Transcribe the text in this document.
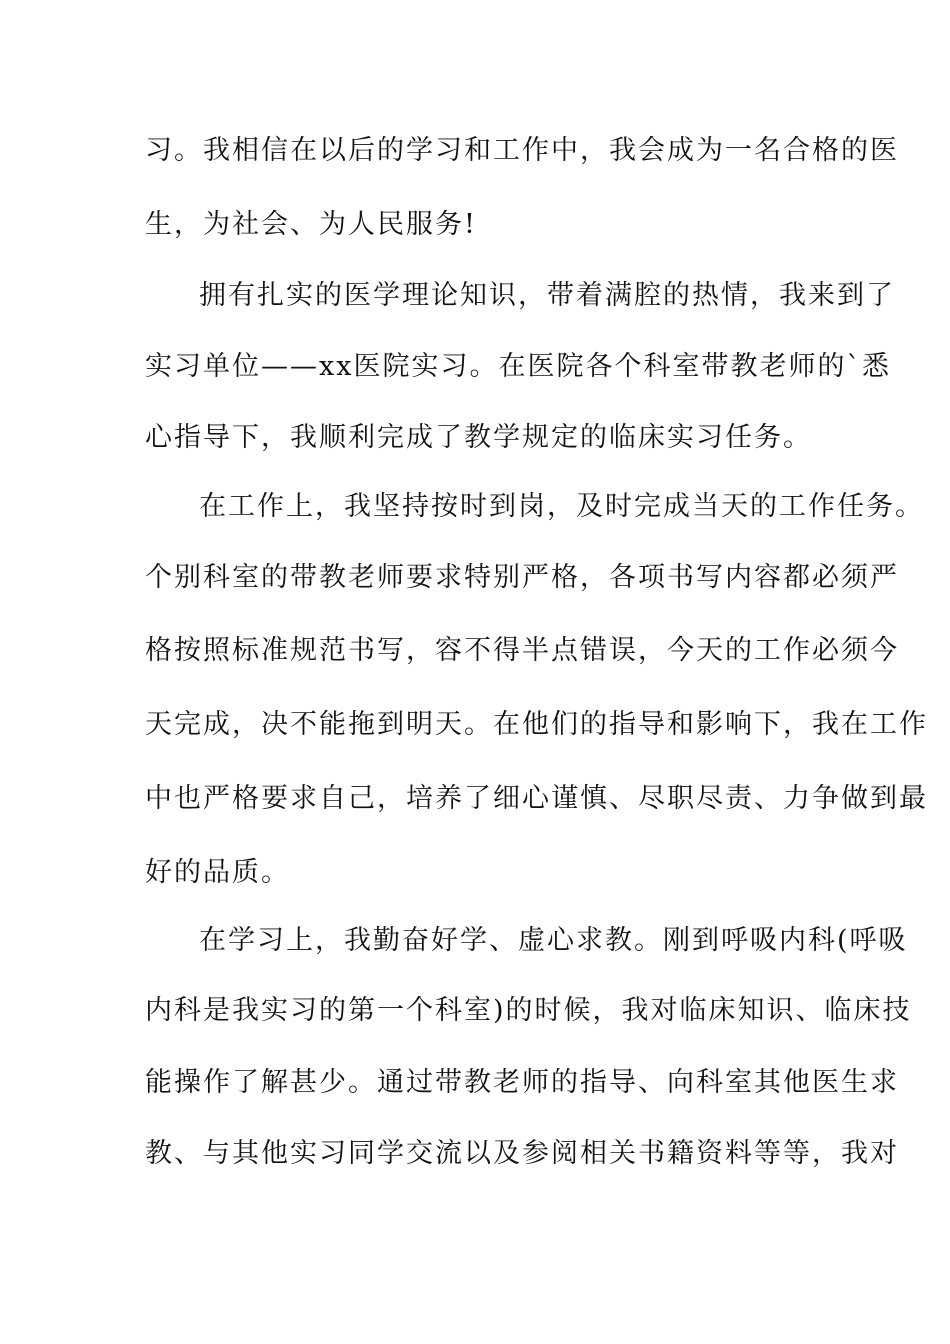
习。我相信在以后的学习和工作中，我会成为一名合格的医
生，为社会、为人民服务!
拥有扎实的医学理论知识，带着满腔的热情，我来到了
实习单位——xx医院实习。在医院各个科室带教老师的`悉
心指导下，我顺利完成了教学规定的临床实习任务。
在工作上，我坚持按时到岗，及时完成当天的工作任务。
个别科室的带教老师要求特别严格，各项书写内容都必须严
格按照标准规范书写，容不得半点错误，今天的工作必须今
天完成，决不能拖到明天。在他们的指导和影响下，我在工作
中也严格要求自己，培养了细心谨慎、尽职尽责、力争做到最
好的品质。
在学习上，我勤奋好学、虚心求教。刚到呼吸内科(呼吸
内科是我实习的第一个科室)的时候，我对临床知识、临床技
能操作了解甚少。通过带教老师的指导、向科室其他医生求
教、与其他实习同学交流以及参阅相关书籍资料等等，我对
